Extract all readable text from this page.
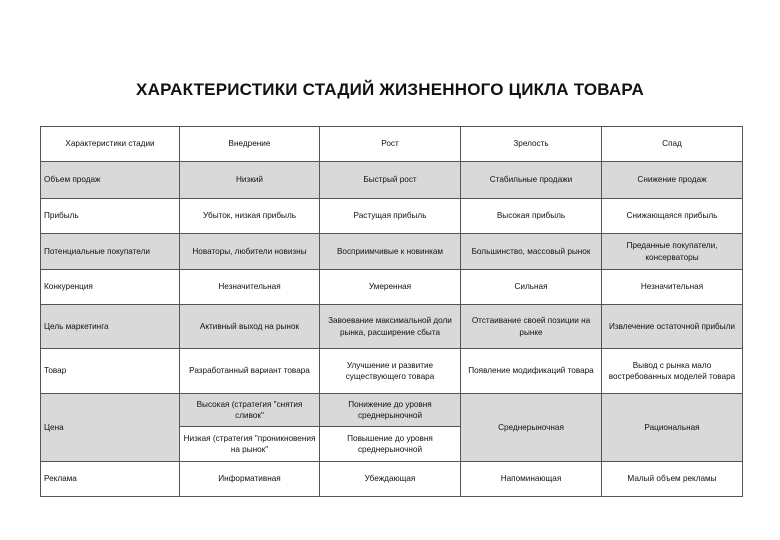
ХАРАКТЕРИСТИКИ СТАДИЙ ЖИЗНЕННОГО ЦИКЛА ТОВАРА
Характеристики стадии	Внедрение	Рост	Зрелость	Спад
Объем продаж	Низкий	Быстрый рост	Стабильные продажи	Снижение продаж
Прибыль	Убыток, низкая прибыль	Растущая прибыль	Высокая прибыль	Снижающаяся прибыль
Потенциальные покупатели	Новаторы, любители новизны	Восприимчивые к новинкам	Большинство, массовый рынок	Преданные покупатели, консерваторы
Конкуренция	Незначительная	Умеренная	Сильная	Незначительная
Цель маркетинга	Активный выход на рынок	Завоевание максимальной доли рынка, расширение сбыта	Отстаивание своей позиции на рынке	Извлечение остаточной прибыли
Товар	Разработанный вариант товара	Улучшение и развитие существующего товара	Появление модификаций товара	Вывод с рынка мало востребованных моделей товара
Цена	Высокая (стратегия "снятия сливок"	Понижение до уровня среднерыночной	Среднерыночная	Рациональная
	Низкая (стратегия "проникновения на рынок"	Повышение до уровня среднерыночной		
Реклама	Информативная	Убеждающая	Напоминающая	Малый объем рекламы
